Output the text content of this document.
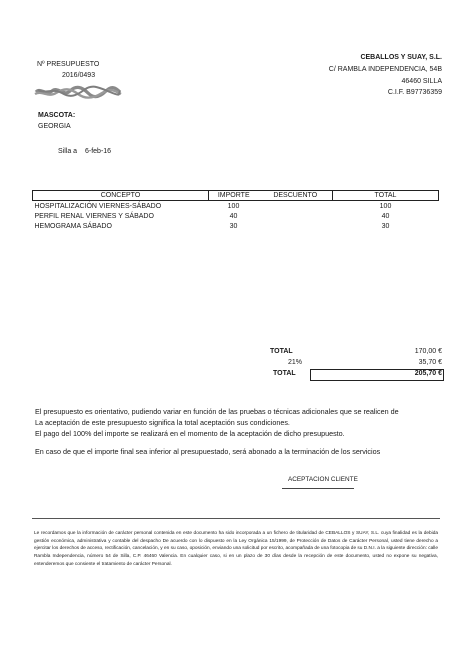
Nº PRESUPUESTO
2016/0493
MASCOTA:
GEORGIA
Silla a 6-feb-16
CEBALLOS Y SUAY, S.L.
C/ RAMBLA INDEPENDENCIA, 54B
46460 SILLA
C.I.F. B97736359
CONCEPTO	IMPORTE	DESCUENTO	TOTAL
HOSPITALIZACIÓN VIERNES-SÁBADO	100		100
PERFIL RENAL VIERNES Y SÁBADO	40		40
HEMOGRAMA SÁBADO	30		30
TOTAL	170,00 €
21%	35,70 €
TOTAL	205,70 €

El presupuesto es orientativo, pudiendo variar en función de las pruebas o técnicas adicionales que se realicen de

La aceptación de este presupuesto significa la total aceptación sus condiciones.

El pago del 100% del importe se realizará en el momento de la aceptación de dicho presupuesto.

En caso de que el importe final sea inferior al presupuestado, será abonado a la terminación de los servicios

ACEPTACION CLIENTE

Le recordamos que la información de carácter personal contenida en este documento ha sido incorporada a un fichero de titularidad de CEBALLOS y SUAY, S.L. cuya finalidad es la debida gestión económica, administrativa y contable del despacho De acuerdo con lo dispuesto en la Ley Orgánica 15/1999, de Protección de Datos de Carácter Personal, usted tiene derecho a ejercitar los derechos de acceso, rectificación, cancelación, y en su caso, oposición, enviando una solicitud por escrito, acompañada de una fotocopia de su D.N.I. a la siguiente dirección: calle Rambla Independencia, número 54 de Silla, C.P. 46460 Valencia. En cualquier caso, si en un plazo de 30 días desde la recepción de este documento, usted no expone su negativa, entenderemos que consiente el tratamiento de carácter Personal.
